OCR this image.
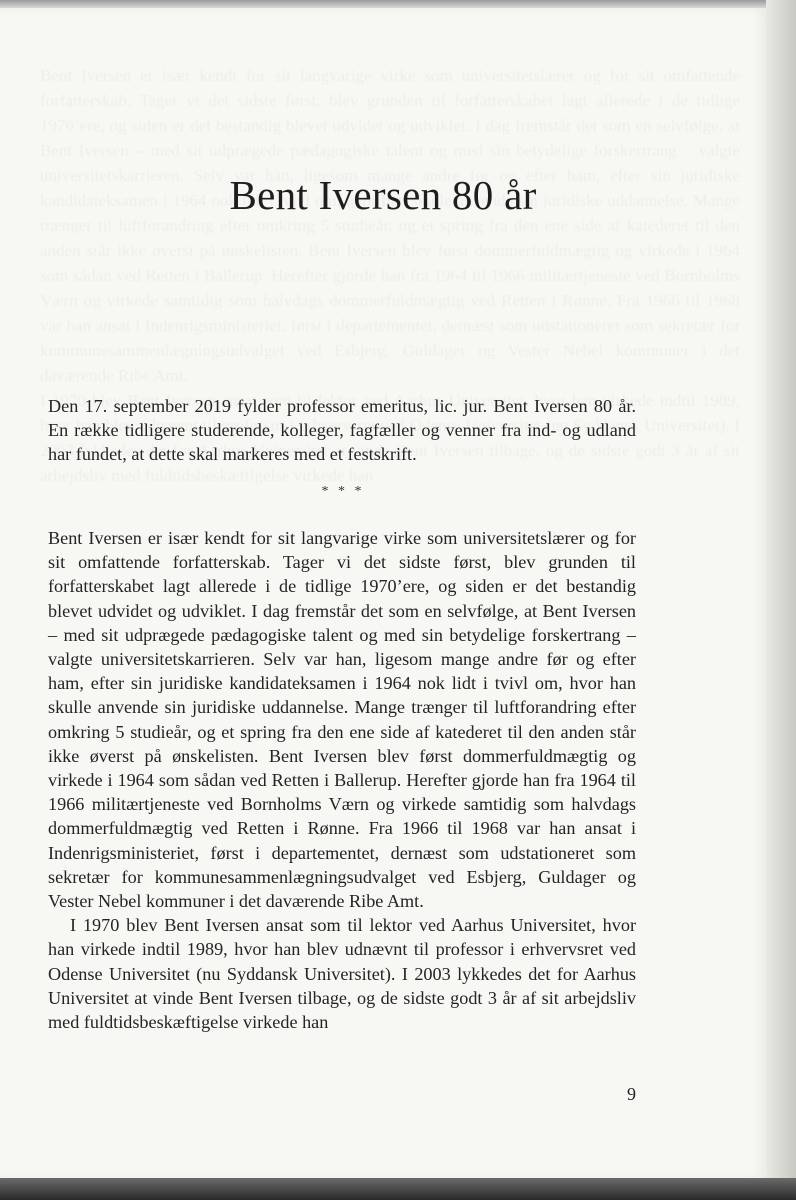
Bent Iversen 80 år

Den 17. september 2019 fylder professor emeritus, lic. jur. Bent Iversen 80 år. En række tidligere studerende, kolleger, fagfæller og venner fra ind- og udland har fundet, at dette skal markeres med et festskrift.

* * *

Bent Iversen er især kendt for sit langvarige virke som universitetslærer og for sit omfattende forfatterskab. Tager vi det sidste først, blev grunden til forfatterskabet lagt allerede i de tidlige 1970’ere, og siden er det bestandig blevet udvidet og udviklet. I dag fremstår det som en selvfølge, at Bent Iversen – med sit udprægede pædagogiske talent og med sin betydelige forskertrang – valgte universitetskarrieren. Selv var han, ligesom mange andre før og efter ham, efter sin juridiske kandidateksamen i 1964 nok lidt i tvivl om, hvor han skulle anvende sin juridiske uddannelse. Mange trænger til luftforandring efter omkring 5 studieår, og et spring fra den ene side af katederet til den anden står ikke øverst på ønskelisten. Bent Iversen blev først dommerfuldmægtig og virkede i 1964 som sådan ved Retten i Ballerup. Herefter gjorde han fra 1964 til 1966 militærtjeneste ved Bornholms Værn og virkede samtidig som halvdags dommerfuldmægtig ved Retten i Rønne. Fra 1966 til 1968 var han ansat i Indenrigsministeriet, først i departementet, dernæst som udstationeret som sekretær for kommunesammenlægningsudvalget ved Esbjerg, Guldager og Vester Nebel kommuner i det daværende Ribe Amt.

I 1970 blev Bent Iversen ansat som til lektor ved Aarhus Universitet, hvor han virkede indtil 1989, hvor han blev udnævnt til professor i erhvervsret ved Odense Universitet (nu Syddansk Universitet). I 2003 lykkedes det for Aarhus Universitet at vinde Bent Iversen tilbage, og de sidste godt 3 år af sit arbejdsliv med fuldtidsbeskæftigelse virkede han

9
